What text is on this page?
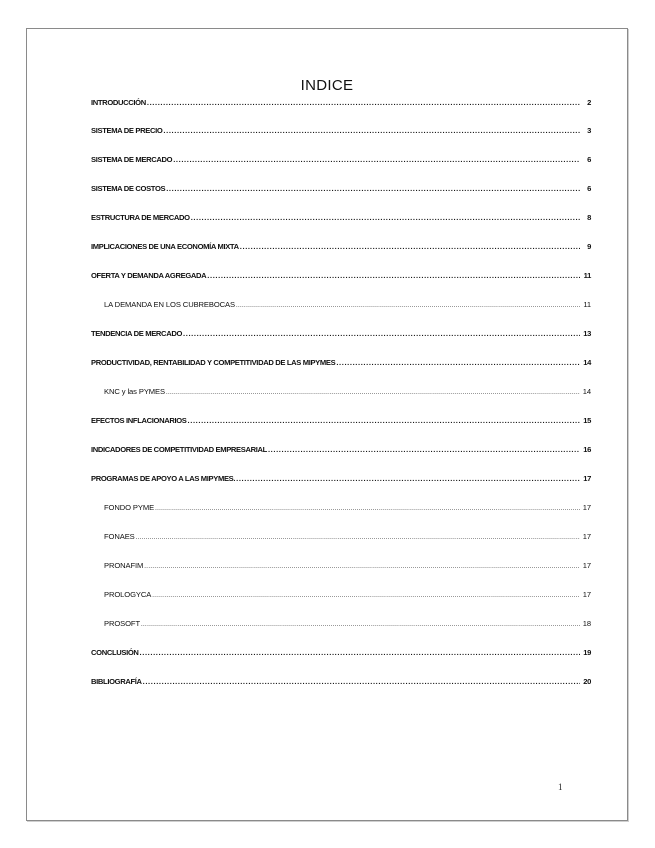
INDICE
INTRODUCCIÓN .....	2
SISTEMA DE PRECIO .....	3
SISTEMA DE MERCADO .....	6
SISTEMA DE COSTOS .....	6
ESTRUCTURA DE MERCADO .....	8
IMPLICACIONES DE UNA ECONOMÍA MIXTA .....	9
OFERTA Y DEMANDA AGREGADA .....	11
LA DEMANDA EN LOS CUBREBOCAS .....	11
TENDENCIA DE MERCADO .....	13
PRODUCTIVIDAD, RENTABILIDAD Y COMPETITIVIDAD DE LAS MIPYMES .....	14
KNC y las PYMES .....	14
EFECTOS INFLACIONARIOS .....	15
INDICADORES DE COMPETITIVIDAD EMPRESARIAL .....	16
PROGRAMAS DE APOYO A LAS MIPYMES. .....	17
FONDO PYME .....	17
FONAES .....	17
PRONAFIM .....	17
PROLOGYCA .....	17
PROSOFT .....	18
CONCLUSIÓN .....	19
BIBLIOGRAFÍA .....	20
1
